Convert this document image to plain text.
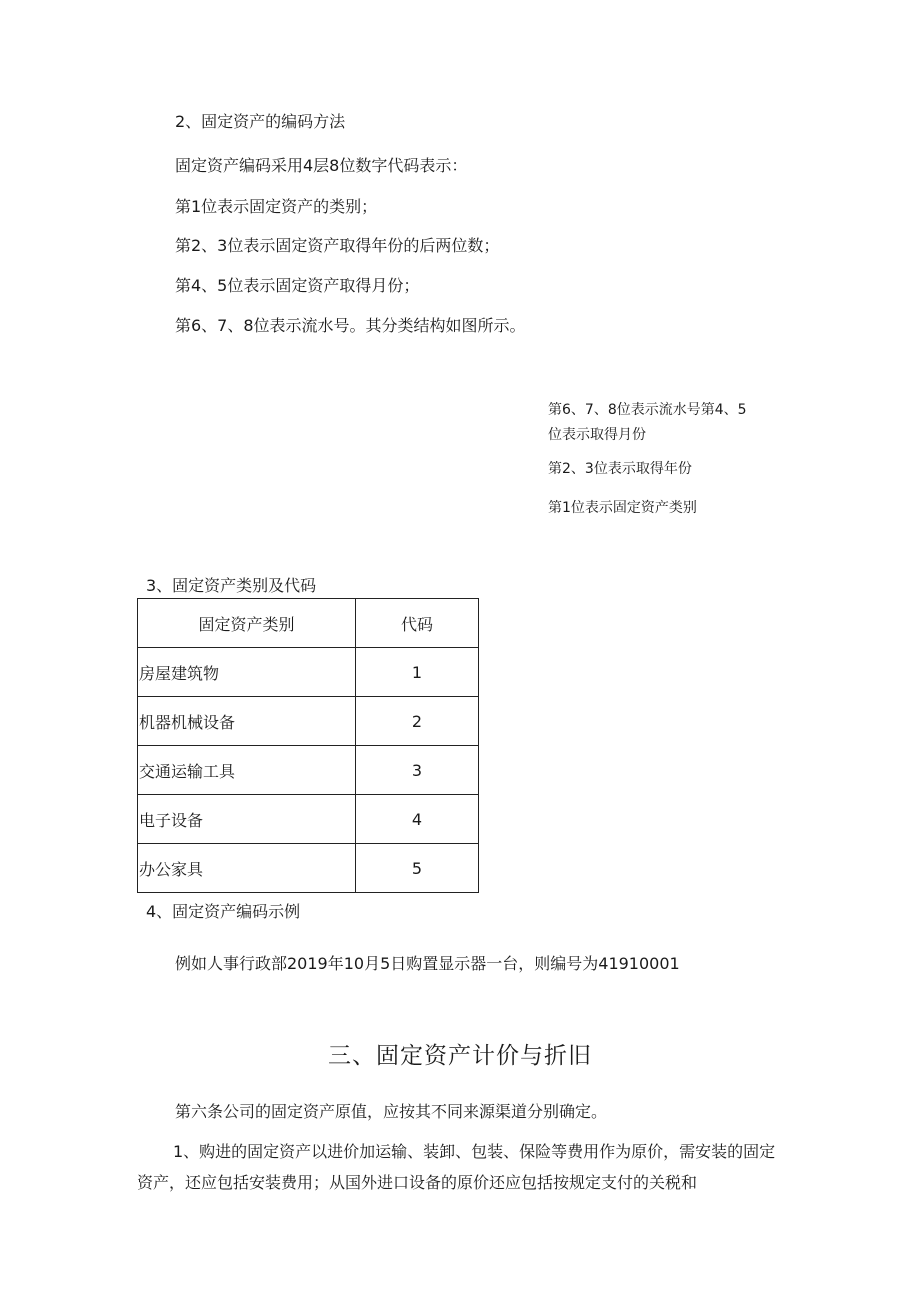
2、固定资产的编码方法
固定资产编码采用4层8位数字代码表示：
第1位表示固定资产的类别；
第2、3位表示固定资产取得年份的后两位数；
第4、5位表示固定资产取得月份；
第6、7、8位表示流水号。其分类结构如图所示。
第6、7、8位表示流水号第4、5
位表示取得月份
第2、3位表示取得年份
第1位表示固定资产类别
3、固定资产类别及代码
固定资产类别	代码
房屋建筑物	1
机器机械设备	2
交通运输工具	3
电子设备	4
办公家具	5
4、固定资产编码示例
例如人事行政部2019年10月5日购置显示器一台，则编号为41910001
三、固定资产计价与折旧
第六条公司的固定资产原值，应按其不同来源渠道分别确定。
1、购进的固定资产以进价加运输、装卸、包装、保险等费用作为原价，需安装的固定资产，还应包括安装费用；从国外进口设备的原价还应包括按规定支付的关税和
